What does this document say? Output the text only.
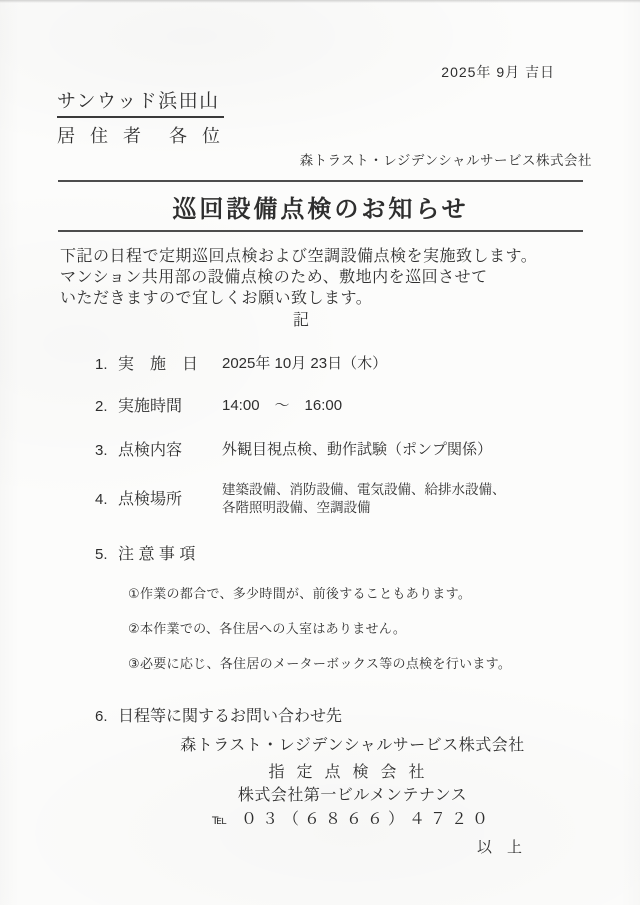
2025年 9月 吉日
サンウッド浜田山
居 住 者　各 位
森トラスト・レジデンシャルサービス株式会社
巡回設備点検のお知らせ
下記の日程で定期巡回点検および空調設備点検を実施致します。
マンション共用部の設備点検のため、敷地内を巡回させて
いただきますので宜しくお願い致します。
記
1. 実　施　日 2025年 10月 23日（木）
2. 実施時間	14:00　～　16:00
3. 点検内容	外観目視点検、動作試験（ポンプ関係）
4. 点検場所
建築設備、消防設備、電気設備、給排水設備、
各階照明設備、空調設備
5. 注 意 事 項
①作業の都合で、多少時間が、前後することもあります。
②本作業での、各住居への入室はありません。
③必要に応じ、各住居のメーターボックス等の点検を行います。
6. 日程等に関するお問い合わせ先
森トラスト・レジデンシャルサービス株式会社
指定点検会社
株式会社第一ビルメンテナンス
℡ ０３（６８６６）４７２０
以　上
